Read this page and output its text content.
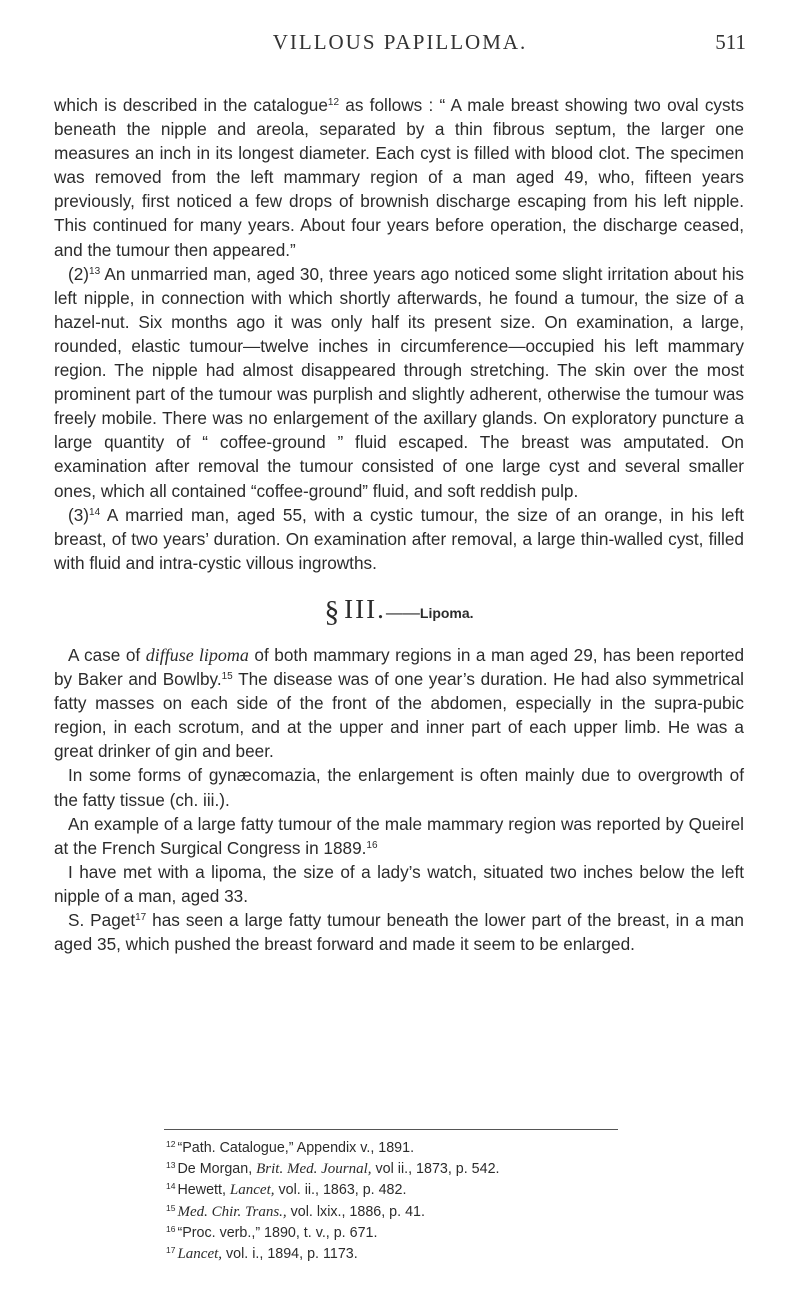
VILLOUS PAPILLOMA.	511

which is described in the catalogue$^{12}$ as follows : “ A male breast showing two oval cysts beneath the nipple and areola, separated by a thin fibrous septum, the larger one measures an inch in its longest diameter. Each cyst is filled with blood clot. The specimen was removed from the left mammary region of a man aged 49, who, fifteen years previously, first noticed a few drops of brownish discharge escaping from his left nipple. This continued for many years. About four years before operation, the discharge ceased, and the tumour then appeared.”

$(2)^{13}$ An unmarried man, aged 30, three years ago noticed some slight irritation about his left nipple, in connection with which shortly afterwards, he found a tumour, the size of a hazel-nut. Six months ago it was only half its present size. On examination, a large, rounded, elastic tumour—twelve inches in circumference—occupied his left mammary region. The nipple had almost disappeared through stretching. The skin over the most prominent part of the tumour was purplish and slightly adherent, otherwise the tumour was freely mobile. There was no enlargement of the axillary glands. On exploratory puncture a large quantity of “ coffee-ground ” fluid escaped. The breast was amputated. On examination after removal the tumour consisted of one large cyst and several smaller ones, which all contained “coffee-ground” fluid, and soft reddish pulp.

$(3)^{14}$ A married man, aged 55, with a cystic tumour, the size of an orange, in his left breast, of two years’ duration. On examination after removal, a large thin-walled cyst, filled with fluid and intra-cystic villous ingrowths.

§ III.——Lipoma.

A case of diffuse lipoma of both mammary regions in a man aged 29, has been reported by Baker and Bowlby.$^{15}$ The disease was of one year’s duration. He had also symmetrical fatty masses on each side of the front of the abdomen, especially in the supra-pubic region, in each scrotum, and at the upper and inner part of each upper limb. He was a great drinker of gin and beer.

In some forms of gynæcomazia, the enlargement is often mainly due to overgrowth of the fatty tissue (ch. iii.).

An example of a large fatty tumour of the male mammary region was reported by Queirel at the French Surgical Congress in 1889.16

I have met with a lipoma, the size of a lady’s watch, situated two inches below the left nipple of a man, aged 33.

S. Paget$^{17}$ has seen a large fatty tumour beneath the lower part of the breast, in a man aged 35, which pushed the breast forward and made it seem to be enlarged.

$^{12}$ “Path. Catalogue,” Appendix v., 1891.
$^{13}$ De Morgan, Brit. Med. Journal, vol ii., 1873, p. 542.
$^{14}$ Hewett, Lancet, vol. ii., 1863, p. 482.
$^{15}$ Med. Chir. Trans., vol. lxix., 1886, p. 41.
$^{16}$ “Proc. verb.,” 1890, t. v., p. 671.
$^{17}$ Lancet, vol. i., 1894, p. 1173.
